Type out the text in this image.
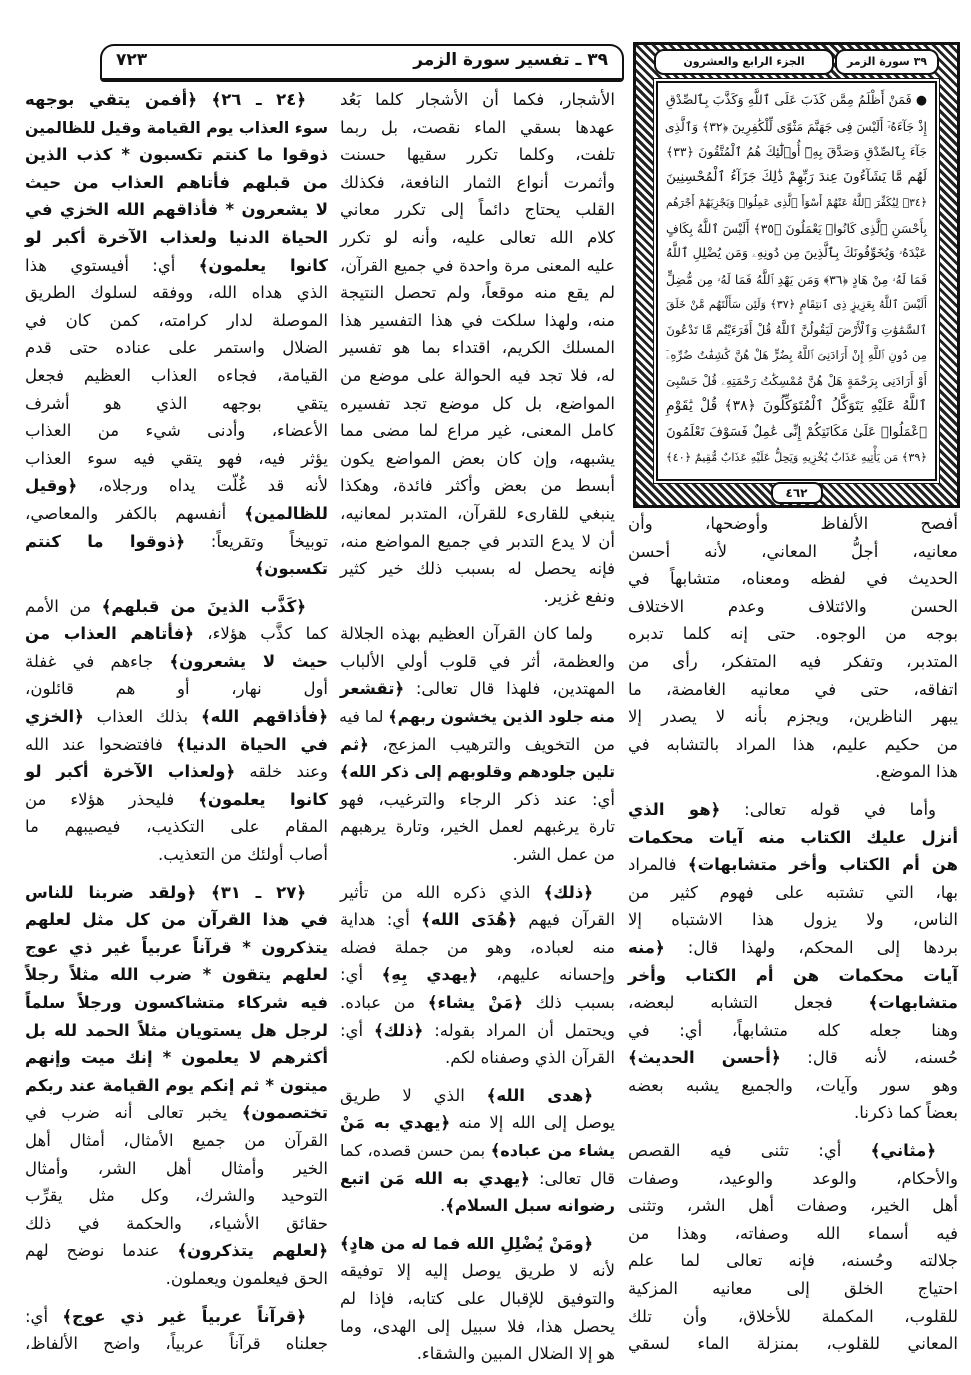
٣٩ ـ تفسير سورة الزمر
٧٢٣	٣٩ سورة الزمر
الجزء الرابع والعشرون
● فَمَنْ أَظْلَمُ مِمَّن كَذَبَ عَلَى ٱللَّهِ وَكَذَّبَ بِٱلصِّدْقِ
إِذْ جَآءَهُۥٓ أَلَيْسَ فِى جَهَنَّمَ مَثْوًى لِّلْكَٰفِرِينَ ﴿٣٢﴾ وَٱلَّذِى
جَآءَ بِٱلصِّدْقِ وَصَدَّقَ بِهِۦٓ أُو۟لَٰٓئِكَ هُمُ ٱلْمُتَّقُونَ ﴿٣٣﴾
لَهُم مَّا يَشَآءُونَ عِندَ رَبِّهِمْ ذَٰلِكَ جَزَآءُ ٱلْمُحْسِنِينَ
﴿٣٤﴾ لِيُكَفِّرَ ٱللَّهُ عَنْهُمْ أَسْوَأَ ٱلَّذِى عَمِلُوا۟ وَيَجْزِيَهُمْ أَجْرَهُم
بِأَحْسَنِ ٱلَّذِى كَانُوا۟ يَعْمَلُونَ ﴿٣٥﴾ أَلَيْسَ ٱللَّهُ بِكَافٍ
عَبْدَهُۥ وَيُخَوِّفُونَكَ بِٱلَّذِينَ مِن دُونِهِۦ وَمَن يُضْلِلِ ٱللَّهُ
فَمَا لَهُۥ مِنْ هَادٍ ﴿٣٦﴾ وَمَن يَهْدِ ٱللَّهُ فَمَا لَهُۥ مِن مُّضِلٍّ
أَلَيْسَ ٱللَّهُ بِعَزِيزٍ ذِى ٱنتِقَامٍ ﴿٣٧﴾ وَلَئِن سَأَلْتَهُم مَّنْ خَلَقَ
ٱلسَّمَٰوَٰتِ وَٱلْأَرْضَ لَيَقُولُنَّ ٱللَّهُ قُلْ أَفَرَءَيْتُم مَّا تَدْعُونَ
مِن دُونِ ٱللَّهِ إِنْ أَرَادَنِىَ ٱللَّهُ بِضُرٍّ هَلْ هُنَّ كَٰشِفَٰتُ ضُرِّهِۦٓ
أَوْ أَرَادَنِى بِرَحْمَةٍ هَلْ هُنَّ مُمْسِكَٰتُ رَحْمَتِهِۦ قُلْ حَسْبِىَ
ٱللَّهُ عَلَيْهِ يَتَوَكَّلُ ٱلْمُتَوَكِّلُونَ ﴿٣٨﴾ قُلْ يَٰقَوْمِ
ٱعْمَلُوا۟ عَلَىٰ مَكَانَتِكُمْ إِنِّى عَٰمِلٌ فَسَوْفَ تَعْلَمُونَ
﴿٣٩﴾ مَن يَأْتِيهِ عَذَابٌ يُخْزِيهِ وَيَحِلُّ عَلَيْهِ عَذَابٌ مُّقِيمٌ ﴿٤٠﴾
٤٦٢
أفصح الألفاظ وأوضحها، وأن
معانيه، أجلُّ المعاني، لأنه أحسن
الحديث في لفظه ومعناه، متشابهاً في
الحسن والائتلاف وعدم الاختلاف
بوجه من الوجوه. حتى إنه كلما تدبره
المتدبر، وتفكر فيه المتفكر، رأى من
اتفاقه، حتى في معانيه الغامضة، ما
يبهر الناظرين، ويجزم بأنه لا يصدر إلا
من حكيم عليم، هذا المراد بالتشابه في
هذا الموضع.
وأما في قوله تعالى: ﴿هو الذي
أنزل عليك الكتاب منه آيات محكمات
هن أم الكتاب وأخر متشابهات﴾ فالمراد
بها، التي تشتبه على فهوم كثير من
الناس، ولا يزول هذا الاشتباه إلا
بردها إلى المحكم، ولهذا قال: ﴿منه
آيات محكمات هن أم الكتاب وأخر
متشابهات﴾ فجعل التشابه لبعضه،
وهنا جعله كله متشابهاً، أي: في
حُسنه، لأنه قال: ﴿أحسن الحديث﴾
وهو سور وآيات، والجميع يشبه بعضه
بعضاً كما ذكرنا.
﴿مثاني﴾ أي: تثنى فيه القصص
والأحكام، والوعد والوعيد، وصفات
أهل الخير، وصفات أهل الشر، وتثنى
فيه أسماء الله وصفاته، وهذا من
جلالته وحُسنه، فإنه تعالى لما علم
احتياج الخلق إلى معانيه المزكية
للقلوب، المكملة للأخلاق، وأن تلك
المعاني للقلوب، بمنزلة الماء لسقي
الأشجار، فكما أن الأشجار كلما بَعُد
عهدها بسقي الماء نقصت، بل ربما
تلفت، وكلما تكرر سقيها حسنت
وأثمرت أنواع الثمار النافعة، فكذلك
القلب يحتاج دائماً إلى تكرر معاني
كلام الله تعالى عليه، وأنه لو تكرر
عليه المعنى مرة واحدة في جميع القرآن،
لم يقع منه موقعاً، ولم تحصل النتيجة
منه، ولهذا سلكت في هذا التفسير هذا
المسلك الكريم، اقتداء بما هو تفسير
له، فلا تجد فيه الحوالة على موضع من
المواضع، بل كل موضع تجد تفسيره
كامل المعنى، غير مراع لما مضى مما
يشبهه، وإن كان بعض المواضع يكون
أبسط من بعض وأكثر فائدة، وهكذا
ينبغي للقارىء للقرآن، المتدبر لمعانيه،
أن لا يدع التدبر في جميع المواضع منه،
فإنه يحصل له بسبب ذلك خير كثير
ونفع غزير.
ولما كان القرآن العظيم بهذه الجلالة
والعظمة، أثر في قلوب أولي الألباب
المهتدين، فلهذا قال تعالى: ﴿تقشعر
منه جلود الذين يخشون ربهم﴾ لما فيه
من التخويف والترهيب المزعج، ﴿ثم
تلين جلودهم وقلوبهم إلى ذكر الله﴾
أي: عند ذكر الرجاء والترغيب، فهو
تارة يرغبهم لعمل الخير، وتارة يرهبهم
من عمل الشر.
﴿ذلك﴾ الذي ذكره الله من تأثير
القرآن فيهم ﴿هُدَى الله﴾ أي: هداية
منه لعباده، وهو من جملة فضله
وإحسانه عليهم، ﴿يهدي بِهِ﴾ أي:
بسبب ذلك ﴿مَنْ يشاء﴾ من عباده.
ويحتمل أن المراد بقوله: ﴿ذلك﴾ أي:
القرآن الذي وصفناه لكم.
﴿هدى الله﴾ الذي لا طريق
يوصل إلى الله إلا منه ﴿يهدي به مَنْ
يشاء من عباده﴾ بمن حسن قصده، كما
قال تعالى: ﴿يهدي به الله مَن اتبع
رضوانه سبل السلام﴾.
﴿ومَنْ يُضْلِلِ الله فما له من هادٍ﴾
لأنه لا طريق يوصل إليه إلا توفيقه
والتوفيق للإقبال على كتابه، فإذا لم
يحصل هذا، فلا سبيل إلى الهدى، وما
هو إلا الضلال المبين والشقاء.
﴿٢٤ ـ ٢٦﴾ ﴿أفمن يتقي بوجهه
سوء العذاب يوم القيامة وقيل للظالمين
ذوقوا ما كنتم تكسبون * كذب الذين
من قبلهم فأتاهم العذاب من حيث
لا يشعرون * فأذاقهم الله الخزي في
الحياة الدنيا ولعذاب الآخرة أكبر لو
كانوا يعلمون﴾ أي: أفيستوي هذا
الذي هداه الله، ووفقه لسلوك الطريق
الموصلة لدار كرامته، كمن كان في
الضلال واستمر على عناده حتى قدم
القيامة، فجاءه العذاب العظيم فجعل
يتقي بوجهه الذي هو أشرف
الأعضاء، وأدنى شيء من العذاب
يؤثر فيه، فهو يتقي فيه سوء العذاب
لأنه قد غُلّت يداه ورجلاه، ﴿وقيل
للظالمين﴾ أنفسهم بالكفر والمعاصي،
توبيخاً وتقريعاً: ﴿ذوقوا ما كنتم
تكسبون﴾
﴿كَذَّب الذينَ من قبلهم﴾ من الأمم
كما كذَّب هؤلاء، ﴿فأتاهم العذاب من
حيث لا يشعرون﴾ جاءهم في غفلة
أول نهار، أو هم قائلون،
﴿فأذاقهم الله﴾ بذلك العذاب ﴿الخزي
في الحياة الدنيا﴾ فافتضحوا عند الله
وعند خلقه ﴿ولعذاب الآخرة أكبر لو
كانوا يعلمون﴾ فليحذر هؤلاء من
المقام على التكذيب، فيصيبهم ما
أصاب أولئك من التعذيب.
﴿٢٧ ـ ٣١﴾ ﴿ولقد ضربنا للناس
في هذا القرآن من كل مثل لعلهم
يتذكرون * قرآناً عربياً غير ذي عوج
لعلهم يتقون * ضرب الله مثلاً رجلاً
فيه شركاء متشاكسون ورجلاً سلماً
لرجل هل يستويان مثلاً الحمد لله بل
أكثرهم لا يعلمون * إنك ميت وإنهم
ميتون * ثم إنكم يوم القيامة عند ربكم
تختصمون﴾ يخبر تعالى أنه ضرب في
القرآن من جميع الأمثال، أمثال أهل
الخير وأمثال أهل الشر، وأمثال
التوحيد والشرك، وكل مثل يقرِّب
حقائق الأشياء، والحكمة في ذلك
﴿لعلهم يتذكرون﴾ عندما نوضح لهم
الحق فيعلمون ويعملون.
﴿قرآناً عربياً غير ذي عوج﴾ أي:
جعلناه قرآناً عربياً، واضح الألفاظ،
